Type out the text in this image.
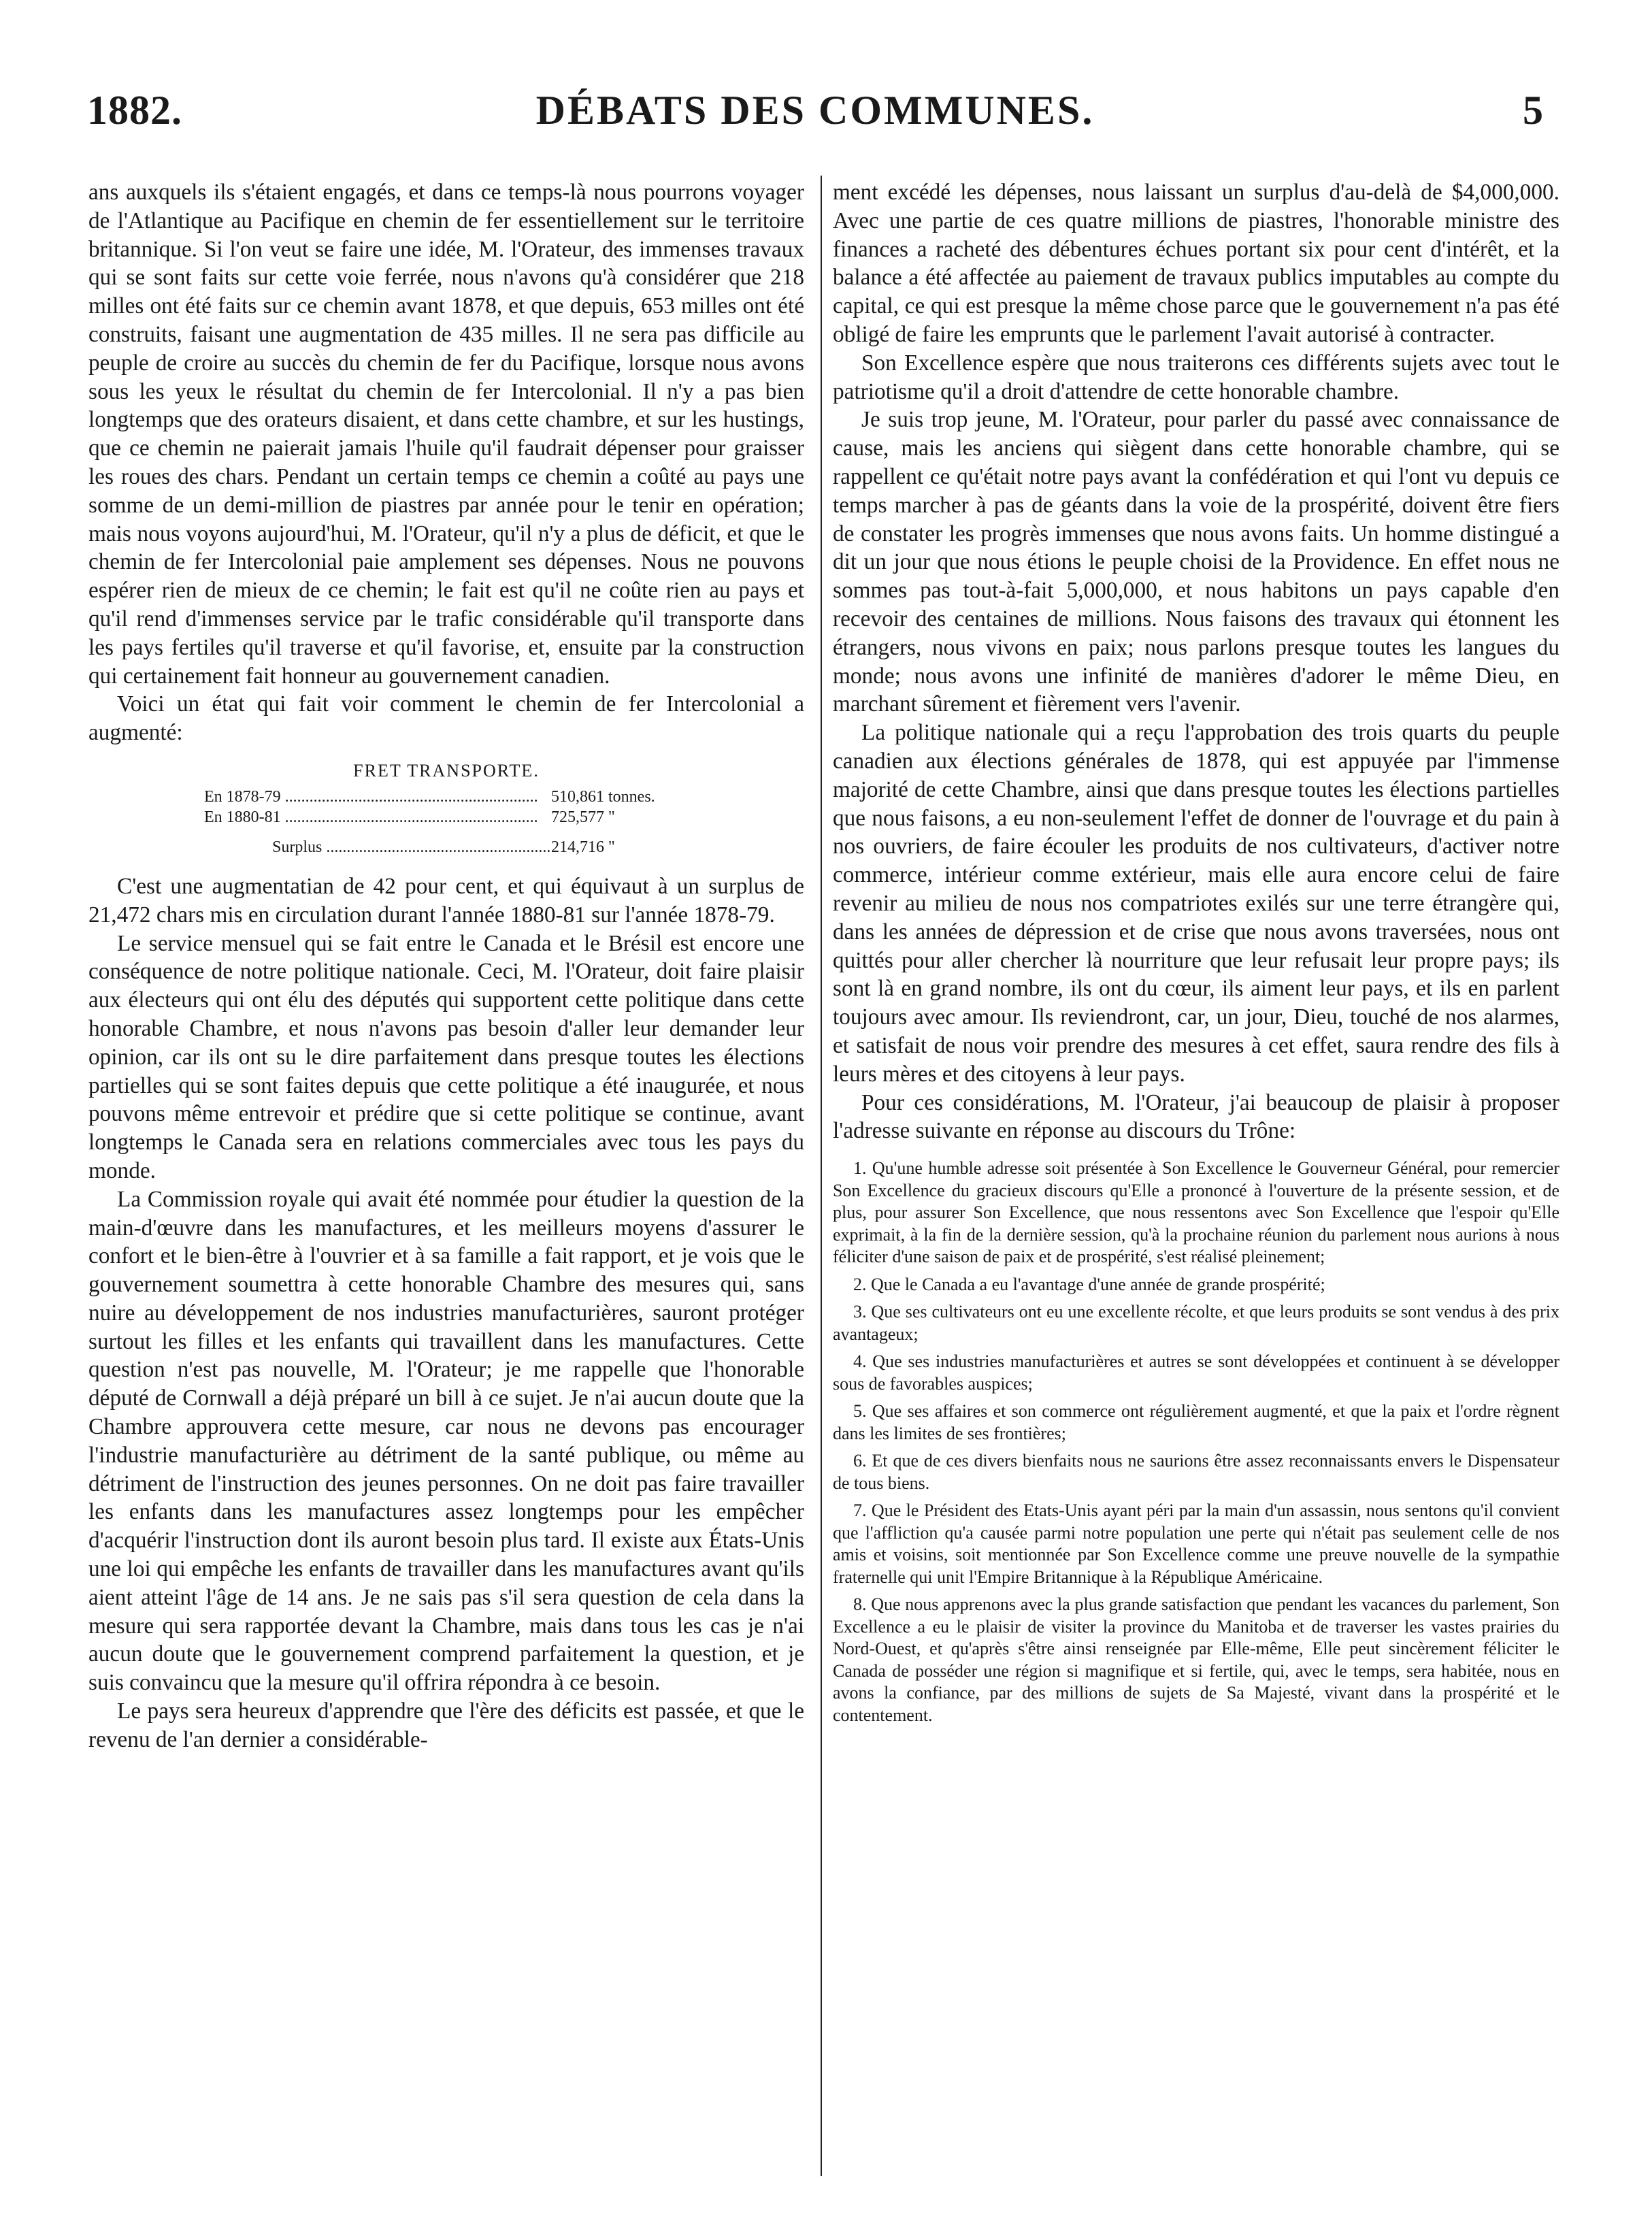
1882.	DÉBATS DES COMMUNES.	5

ans auxquels ils s'étaient engagés, et dans ce temps-là nous pourrons voyager de l'Atlantique au Pacifique en chemin de fer essentiellement sur le territoire britannique. Si l'on veut se faire une idée, M. l'Orateur, des immenses travaux qui se sont faits sur cette voie ferrée, nous n'avons qu'à considérer que 218 milles ont été faits sur ce chemin avant 1878, et que depuis, 653 milles ont été construits, faisant une augmentation de 435 milles. Il ne sera pas difficile au peuple de croire au succès du chemin de fer du Pacifique, lorsque nous avons sous les yeux le résultat du chemin de fer Intercolonial. Il n'y a pas bien longtemps que des orateurs disaient, et dans cette chambre, et sur les hustings, que ce chemin ne paierait jamais l'huile qu'il faudrait dépenser pour graisser les roues des chars. Pendant un certain temps ce chemin a coûté au pays une somme de un demi-million de piastres par année pour le tenir en opération; mais nous voyons aujourd'hui, M. l'Orateur, qu'il n'y a plus de déficit, et que le chemin de fer Intercolonial paie amplement ses dépenses. Nous ne pouvons espérer rien de mieux de ce chemin; le fait est qu'il ne coûte rien au pays et qu'il rend d'immenses service par le trafic considérable qu'il transporte dans les pays fertiles qu'il traverse et qu'il favorise, et, ensuite par la construction qui certainement fait honneur au gouvernement canadien.

Voici un état qui fait voir comment le chemin de fer Intercolonial a augmenté:

FRET TRANSPORTE.
En 1878-79 .....	510,861 tonnes.
En 1880-81 .....	725,577 "
Surplus .....	214,716 "

C'est une augmentatian de 42 pour cent, et qui équivaut à un surplus de 21,472 chars mis en circulation durant l'année 1880-81 sur l'année 1878-79.

Le service mensuel qui se fait entre le Canada et le Brésil est encore une conséquence de notre politique nationale. Ceci, M. l'Orateur, doit faire plaisir aux électeurs qui ont élu des députés qui supportent cette politique dans cette honorable Chambre, et nous n'avons pas besoin d'aller leur demander leur opinion, car ils ont su le dire parfaitement dans presque toutes les élections partielles qui se sont faites depuis que cette politique a été inaugurée, et nous pouvons même entrevoir et prédire que si cette politique se continue, avant longtemps le Canada sera en relations commerciales avec tous les pays du monde.

La Commission royale qui avait été nommée pour étudier la question de la main-d'œuvre dans les manufactures, et les meilleurs moyens d'assurer le confort et le bien-être à l'ouvrier et à sa famille a fait rapport, et je vois que le gouvernement soumettra à cette honorable Chambre des mesures qui, sans nuire au développement de nos industries manufacturières, sauront protéger surtout les filles et les enfants qui travaillent dans les manufactures. Cette question n'est pas nouvelle, M. l'Orateur; je me rappelle que l'honorable député de Cornwall a déjà préparé un bill à ce sujet. Je n'ai aucun doute que la Chambre approuvera cette mesure, car nous ne devons pas encourager l'industrie manufacturière au détriment de la santé publique, ou même au détriment de l'instruction des jeunes personnes. On ne doit pas faire travailler les enfants dans les manufactures assez longtemps pour les empêcher d'acquérir l'instruction dont ils auront besoin plus tard. Il existe aux États-Unis une loi qui empêche les enfants de travailler dans les manufactures avant qu'ils aient atteint l'âge de 14 ans. Je ne sais pas s'il sera question de cela dans la mesure qui sera rapportée devant la Chambre, mais dans tous les cas je n'ai aucun doute que le gouvernement comprend parfaitement la question, et je suis convaincu que la mesure qu'il offrira répondra à ce besoin.

Le pays sera heureux d'apprendre que l'ère des déficits est passée, et que le revenu de l'an dernier a considérable-

ment excédé les dépenses, nous laissant un surplus d'au-delà de $4,000,000. Avec une partie de ces quatre millions de piastres, l'honorable ministre des finances a racheté des débentures échues portant six pour cent d'intérêt, et la balance a été affectée au paiement de travaux publics imputables au compte du capital, ce qui est presque la même chose parce que le gouvernement n'a pas été obligé de faire les emprunts que le parlement l'avait autorisé à contracter.

Son Excellence espère que nous traiterons ces différents sujets avec tout le patriotisme qu'il a droit d'attendre de cette honorable chambre.

Je suis trop jeune, M. l'Orateur, pour parler du passé avec connaissance de cause, mais les anciens qui siègent dans cette honorable chambre, qui se rappellent ce qu'était notre pays avant la confédération et qui l'ont vu depuis ce temps marcher à pas de géants dans la voie de la prospérité, doivent être fiers de constater les progrès immenses que nous avons faits. Un homme distingué a dit un jour que nous étions le peuple choisi de la Providence. En effet nous ne sommes pas tout-à-fait 5,000,000, et nous habitons un pays capable d'en recevoir des centaines de millions. Nous faisons des travaux qui étonnent les étrangers, nous vivons en paix; nous parlons presque toutes les langues du monde; nous avons une infinité de manières d'adorer le même Dieu, en marchant sûrement et fièrement vers l'avenir.

La politique nationale qui a reçu l'approbation des trois quarts du peuple canadien aux élections générales de 1878, qui est appuyée par l'immense majorité de cette Chambre, ainsi que dans presque toutes les élections partielles que nous faisons, a eu non-seulement l'effet de donner de l'ouvrage et du pain à nos ouvriers, de faire écouler les produits de nos cultivateurs, d'activer notre commerce, intérieur comme extérieur, mais elle aura encore celui de faire revenir au milieu de nous nos compatriotes exilés sur une terre étrangère qui, dans les années de dépression et de crise que nous avons traversées, nous ont quittés pour aller chercher là nourriture que leur refusait leur propre pays; ils sont là en grand nombre, ils ont du cœur, ils aiment leur pays, et ils en parlent toujours avec amour. Ils reviendront, car, un jour, Dieu, touché de nos alarmes, et satisfait de nous voir prendre des mesures à cet effet, saura rendre des fils à leurs mères et des citoyens à leur pays.

Pour ces considérations, M. l'Orateur, j'ai beaucoup de plaisir à proposer l'adresse suivante en réponse au discours du Trône:

1. Qu'une humble adresse soit présentée à Son Excellence le Gouverneur Général, pour remercier Son Excellence du gracieux discours qu'Elle a prononcé à l'ouverture de la présente session, et de plus, pour assurer Son Excellence, que nous ressentons avec Son Excellence que l'espoir qu'Elle exprimait, à la fin de la dernière session, qu'à la prochaine réunion du parlement nous aurions à nous féliciter d'une saison de paix et de prospérité, s'est réalisé pleinement;

2. Que le Canada a eu l'avantage d'une année de grande prospérité;

3. Que ses cultivateurs ont eu une excellente récolte, et que leurs produits se sont vendus à des prix avantageux;

4. Que ses industries manufacturières et autres se sont développées et continuent à se développer sous de favorables auspices;

5. Que ses affaires et son commerce ont régulièrement augmenté, et que la paix et l'ordre règnent dans les limites de ses frontières;

6. Et que de ces divers bienfaits nous ne saurions être assez reconnaissants envers le Dispensateur de tous biens.

7. Que le Président des Etats-Unis ayant péri par la main d'un assassin, nous sentons qu'il convient que l'affliction qu'a causée parmi notre population une perte qui n'était pas seulement celle de nos amis et voisins, soit mentionnée par Son Excellence comme une preuve nouvelle de la sympathie fraternelle qui unit l'Empire Britannique à la République Américaine.

8. Que nous apprenons avec la plus grande satisfaction que pendant les vacances du parlement, Son Excellence a eu le plaisir de visiter la province du Manitoba et de traverser les vastes prairies du Nord-Ouest, et qu'après s'être ainsi renseignée par Elle-même, Elle peut sincèrement féliciter le Canada de posséder une région si magnifique et si fertile, qui, avec le temps, sera habitée, nous en avons la confiance, par des millions de sujets de Sa Majesté, vivant dans la prospérité et le contentement.
